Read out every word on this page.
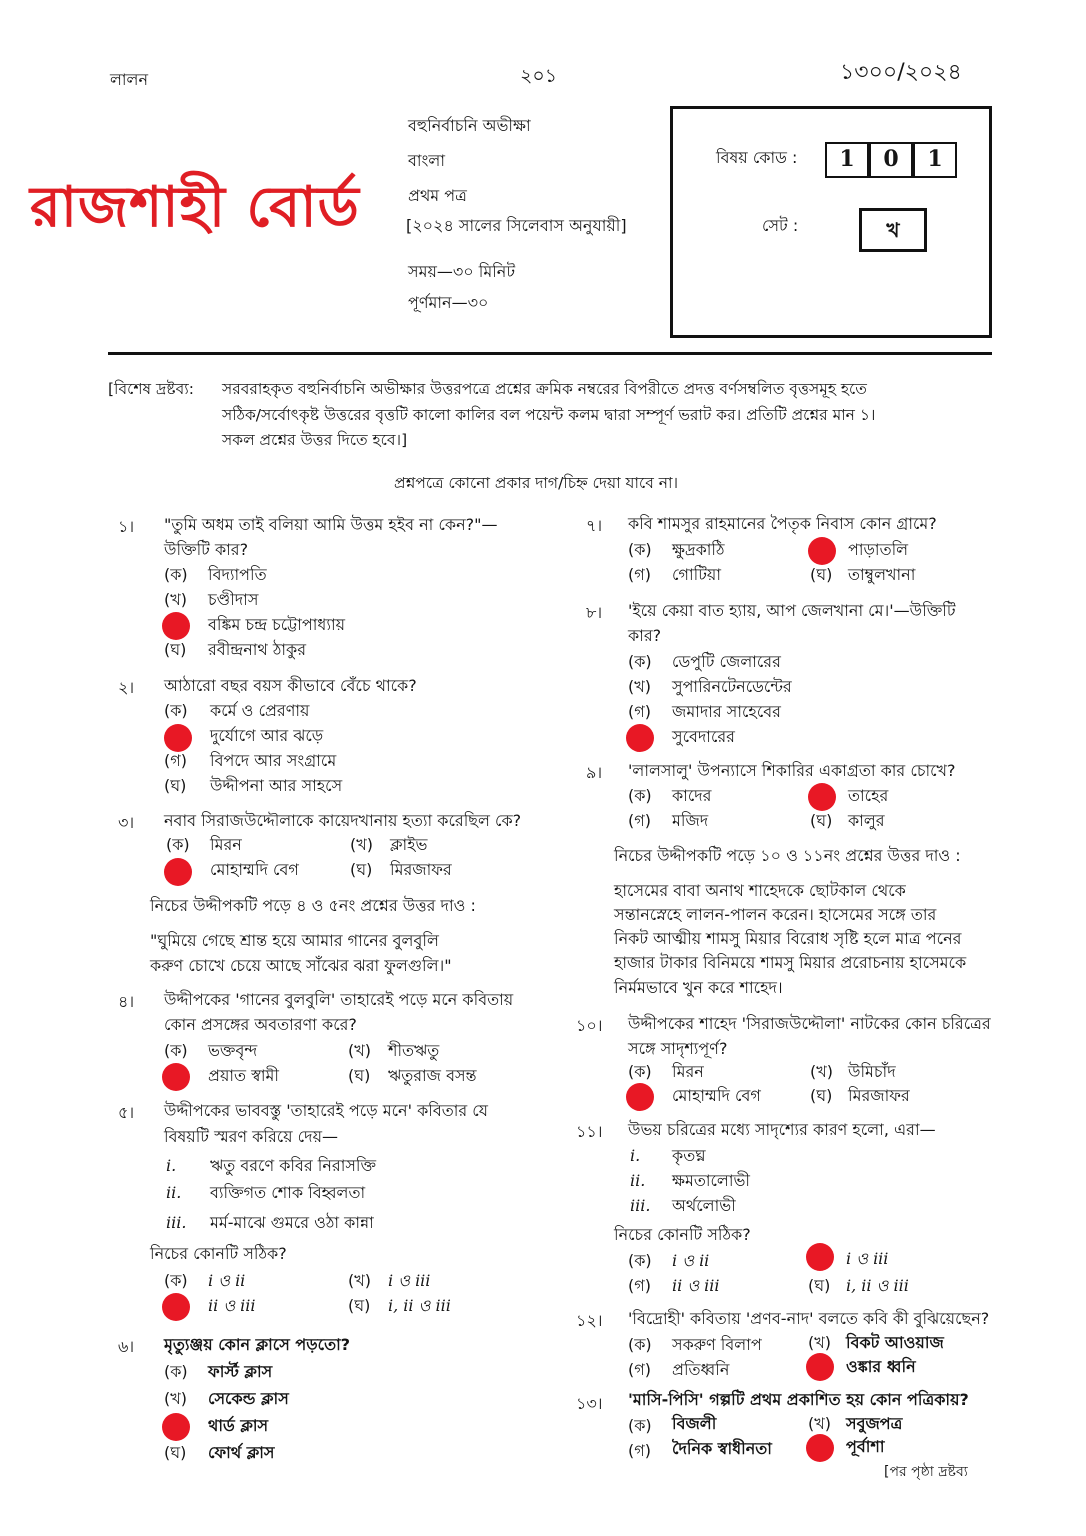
লালন	২০১	১৩০০/২০২৪
রাজশাহী বোর্ড
বহুনির্বাচনি অভীক্ষা
বাংলা
প্রথম পত্র
[২০২৪ সালের সিলেবাস অনুযায়ী]
সময়—৩০ মিনিট
পূর্ণমান—৩০
বিষয় কোড :	1	0	1
সেট :	খ
[বিশেষ দ্রষ্টব্য: সরবরাহকৃত বহুনির্বাচনি অভীক্ষার উত্তরপত্রে প্রশ্নের ক্রমিক নম্বরের বিপরীতে প্রদত্ত বর্ণসম্বলিত বৃত্তসমূহ হতে
সঠিক/সর্বোৎকৃষ্ট উত্তরের বৃত্তটি কালো কালির বল পয়েন্ট কলম দ্বারা সম্পূর্ণ ভরাট কর। প্রতিটি প্রশ্নের মান ১।
সকল প্রশ্নের উত্তর দিতে হবে।]
প্রশ্নপত্রে কোনো প্রকার দাগ/চিহ্ন দেয়া যাবে না।
১। "তুমি অধম তাই বলিয়া আমি উত্তম হইব না কেন?"—
উক্তিটি কার?
(ক) বিদ্যাপতি
(খ) চণ্ডীদাস
বঙ্কিম চন্দ্র চট্টোপাধ্যায়
(ঘ) রবীন্দ্রনাথ ঠাকুর
২। আঠারো বছর বয়স কীভাবে বেঁচে থাকে?
(ক) কর্মে ও প্রেরণায়
দুর্যোগে আর ঝড়ে
(গ) বিপদে আর সংগ্রামে
(ঘ) উদ্দীপনা আর সাহসে
৩। নবাব সিরাজউদ্দৌলাকে কায়েদখানায় হত্যা করেছিল কে?
(ক) মিরন	(খ) ক্লাইভ
মোহাম্মদি বেগ	(ঘ) মিরজাফর
নিচের উদ্দীপকটি পড়ে ৪ ও ৫নং প্রশ্নের উত্তর দাও :
"ঘুমিয়ে গেছে শ্রান্ত হয়ে আমার গানের বুলবুলি
করুণ চোখে চেয়ে আছে সাঁঝের ঝরা ফুলগুলি।"
৪। উদ্দীপকের 'গানের বুলবুলি' তাহারেই পড়ে মনে কবিতায়
কোন প্রসঙ্গের অবতারণা করে?
(ক) ভক্তবৃন্দ	(খ) শীতঋতু
প্রয়াত স্বামী	(ঘ) ঋতুরাজ বসন্ত
৫। উদ্দীপকের ভাববস্তু 'তাহারেই পড়ে মনে' কবিতার যে
বিষয়টি স্মরণ করিয়ে দেয়—
i. ঋতু বরণে কবির নিরাসক্তি
ii. ব্যক্তিগত শোক বিহ্বলতা
iii. মর্ম-মাঝে গুমরে ওঠা কান্না
নিচের কোনটি সঠিক?
(ক) i ও ii	(খ) i ও iii
ii ও iii	(ঘ) i, ii ও iii
৬। মৃত্যুঞ্জয় কোন ক্লাসে পড়তো?
(ক) ফার্স্ট ক্লাস
(খ) সেকেন্ড ক্লাস
থার্ড ক্লাস
(ঘ) ফোর্থ ক্লাস
৭। কবি শামসুর রাহমানের পৈতৃক নিবাস কোন গ্রামে?
(ক) ক্ষুদ্রকাঠি	পাড়াতলি
(গ) গোটিয়া	(ঘ) তাম্বুলখানা
৮। 'ইয়ে কেয়া বাত হ্যায়, আপ জেলখানা মে।'—উক্তিটি
কার?
(ক) ডেপুটি জেলারের
(খ) সুপারিনটেনডেন্টের
(গ) জমাদার সাহেবের
সুবেদারের
৯। 'লালসালু' উপন্যাসে শিকারির একাগ্রতা কার চোখে?
(ক) কাদের	তাহের
(গ) মজিদ	(ঘ) কালুর
নিচের উদ্দীপকটি পড়ে ১০ ও ১১নং প্রশ্নের উত্তর দাও :
হাসেমের বাবা অনাথ শাহেদকে ছোটকাল থেকে
সন্তানস্নেহে লালন-পালন করেন। হাসেমের সঙ্গে তার
নিকট আত্মীয় শামসু মিয়ার বিরোধ সৃষ্টি হলে মাত্র পনের
হাজার টাকার বিনিময়ে শামসু মিয়ার প্ররোচনায় হাসেমকে
নির্মমভাবে খুন করে শাহেদ।
১০। উদ্দীপকের শাহেদ 'সিরাজউদ্দৌলা' নাটকের কোন চরিত্রের
সঙ্গে সাদৃশ্যপূর্ণ?
(ক) মিরন	(খ) উমিচাঁদ
মোহাম্মদি বেগ	(ঘ) মিরজাফর
১১। উভয় চরিত্রের মধ্যে সাদৃশ্যের কারণ হলো, এরা—
i. কৃতঘ্ন
ii. ক্ষমতালোভী
iii. অর্থলোভী
নিচের কোনটি সঠিক?
(ক) i ও ii	i ও iii
(গ) ii ও iii	(ঘ) i, ii ও iii
১২। 'বিদ্রোহী' কবিতায় 'প্রণব-নাদ' বলতে কবি কী বুঝিয়েছেন?
(ক) সকরুণ বিলাপ	(খ) বিকট আওয়াজ
(গ) প্রতিধ্বনি	ওঙ্কার ধ্বনি
১৩। 'মাসি-পিসি' গল্পটি প্রথম প্রকাশিত হয় কোন পত্রিকায়?
(ক) বিজলী	(খ) সবুজপত্র
(গ) দৈনিক স্বাধীনতা	পূর্বাশা
[পর পৃষ্ঠা দ্রষ্টব্য
